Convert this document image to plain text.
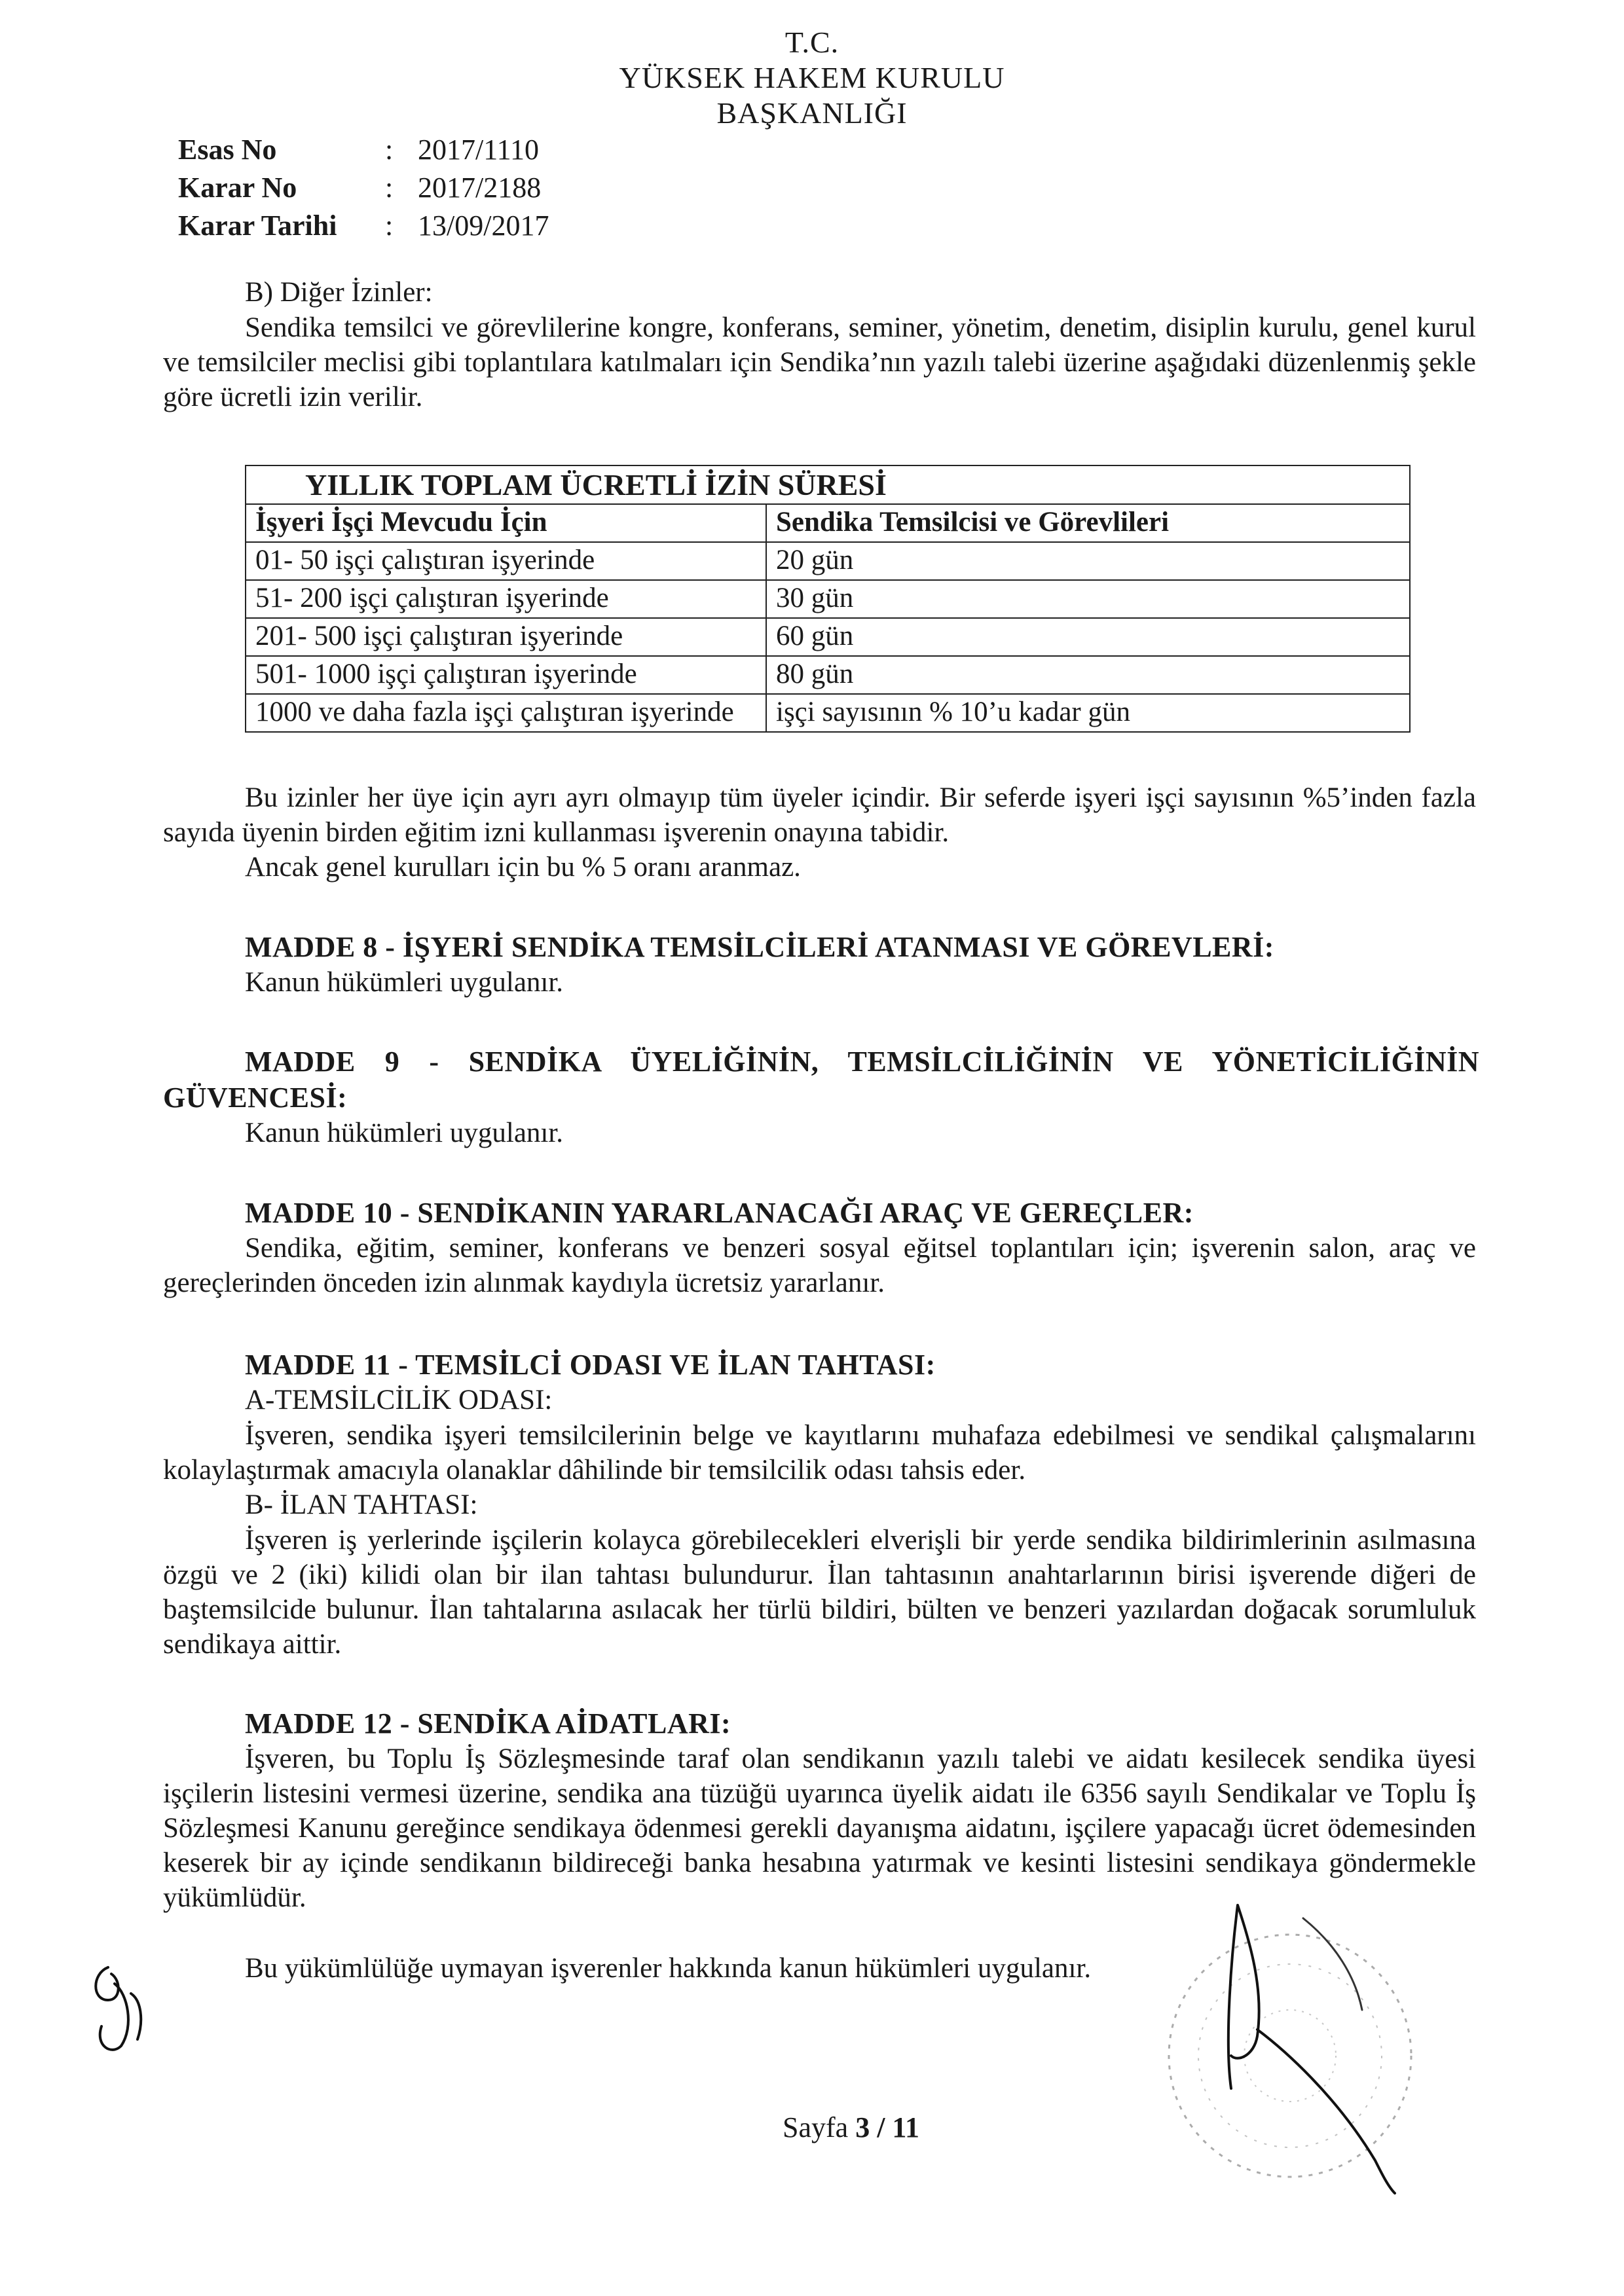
T.C.
YÜKSEK HAKEM KURULU
BAŞKANLIĞI
Esas No	: 2017/1110
Karar No	: 2017/2188
Karar Tarihi	: 13/09/2017
B) Diğer İzinler:
Sendika temsilci ve görevlilerine kongre, konferans, seminer, yönetim, denetim, disiplin kurulu, genel kurul ve temsilciler meclisi gibi toplantılara katılmaları için Sendika’nın yazılı talebi üzerine aşağıdaki düzenlenmiş şekle göre ücretli izin verilir.
YILLIK TOPLAM ÜCRETLİ İZİN SÜRESİ	
İşyeri İşçi Mevcudu İçin	Sendika Temsilcisi ve Görevlileri
01- 50 işçi çalıştıran işyerinde	20 gün
51- 200 işçi çalıştıran işyerinde	30 gün
201- 500 işçi çalıştıran işyerinde	60 gün
501- 1000 işçi çalıştıran işyerinde	80 gün
1000 ve daha fazla işçi çalıştıran işyerinde	işçi sayısının % 10’u kadar gün
Bu izinler her üye için ayrı ayrı olmayıp tüm üyeler içindir. Bir seferde işyeri işçi sayısının %5’inden fazla sayıda üyenin birden eğitim izni kullanması işverenin onayına tabidir.
Ancak genel kurulları için bu % 5 oranı aranmaz.
MADDE 8 - İŞYERİ SENDİKA TEMSİLCİLERİ ATANMASI VE GÖREVLERİ:
Kanun hükümleri uygulanır.
MADDE 9 - SENDİKA ÜYELİĞİNİN, TEMSİLCİLİĞİNİN VE YÖNETİCİLİĞİNİN GÜVENCESİ:
Kanun hükümleri uygulanır.
MADDE 10 - SENDİKANIN YARARLANACAĞI ARAÇ VE GEREÇLER:
Sendika, eğitim, seminer, konferans ve benzeri sosyal eğitsel toplantıları için; işverenin salon, araç ve gereçlerinden önceden izin alınmak kaydıyla ücretsiz yararlanır.
MADDE 11 - TEMSİLCİ ODASI VE İLAN TAHTASI:
A-TEMSİLCİLİK ODASI:
İşveren, sendika işyeri temsilcilerinin belge ve kayıtlarını muhafaza edebilmesi ve sendikal çalışmalarını kolaylaştırmak amacıyla olanaklar dâhilinde bir temsilcilik odası tahsis eder.
B- İLAN TAHTASI:
İşveren iş yerlerinde işçilerin kolayca görebilecekleri elverişli bir yerde sendika bildirimlerinin asılmasına özgü ve 2 (iki) kilidi olan bir ilan tahtası bulundurur. İlan tahtasının anahtarlarının birisi işverende diğeri de baştemsilcide bulunur. İlan tahtalarına asılacak her türlü bildiri, bülten ve benzeri yazılardan doğacak sorumluluk sendikaya aittir.
MADDE 12 - SENDİKA AİDATLARI:
İşveren, bu Toplu İş Sözleşmesinde taraf olan sendikanın yazılı talebi ve aidatı kesilecek sendika üyesi işçilerin listesini vermesi üzerine, sendika ana tüzüğü uyarınca üyelik aidatı ile 6356 sayılı Sendikalar ve Toplu İş Sözleşmesi Kanunu gereğince sendikaya ödenmesi gerekli dayanışma aidatını, işçilere yapacağı ücret ödemesinden keserek bir ay içinde sendikanın bildireceği banka hesabına yatırmak ve kesinti listesini sendikaya göndermekle yükümlüdür.
Bu yükümlülüğe uymayan işverenler hakkında kanun hükümleri uygulanır.
Sayfa 3 / 11
